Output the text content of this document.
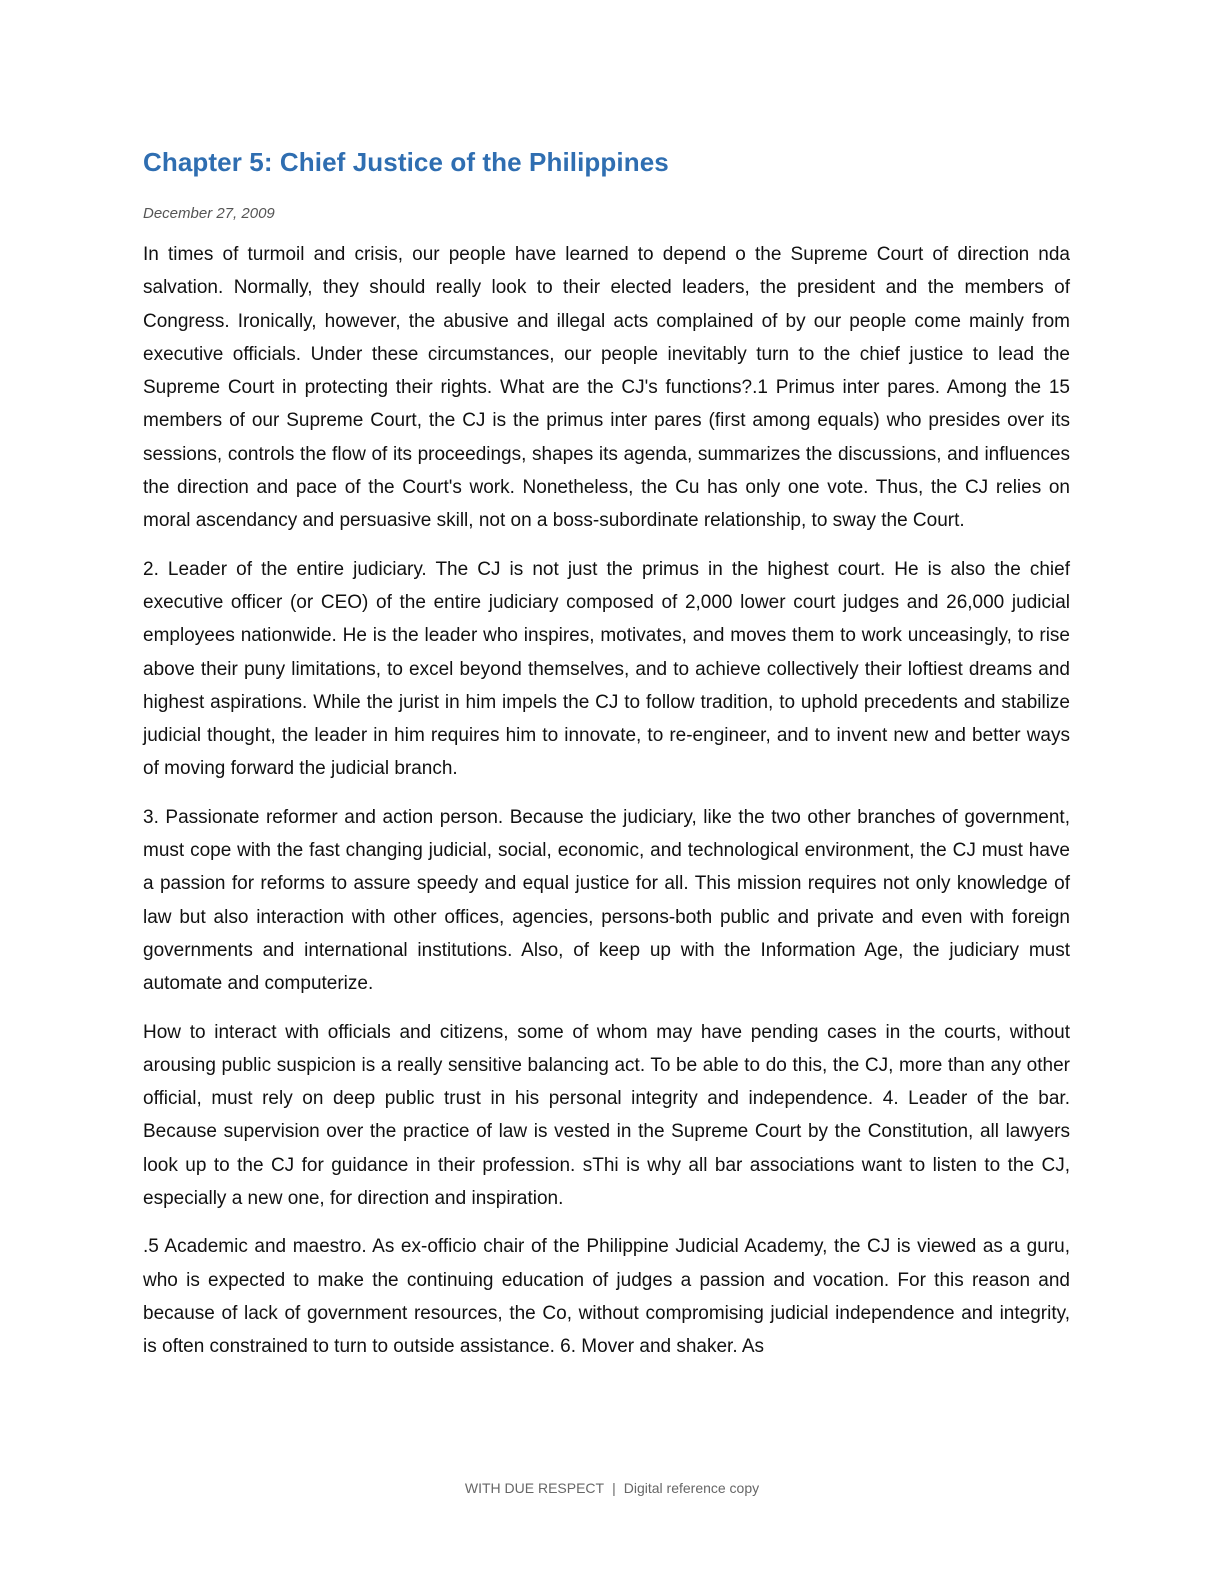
Chapter 5: Chief Justice of the Philippines
December 27, 2009

In times of turmoil and crisis, our people have learned to depend o the Supreme Court of direction nda salvation. Normally, they should really look to their elected leaders, the president and the members of Congress. Ironically, however, the abusive and illegal acts complained of by our people come mainly from executive officials. Under these circumstances, our people inevitably turn to the chief justice to lead the Supreme Court in protecting their rights. What are the CJ's functions?.1 Primus inter pares. Among the 15 members of our Supreme Court, the CJ is the primus inter pares (first among equals) who presides over its sessions, controls the flow of its proceedings, shapes its agenda, summarizes the discussions, and influences the direction and pace of the Court's work. Nonetheless, the Cu has only one vote. Thus, the CJ relies on moral ascendancy and persuasive skill, not on a boss-subordinate relationship, to sway the Court.

2. Leader of the entire judiciary. The CJ is not just the primus in the highest court. He is also the chief executive officer (or CEO) of the entire judiciary composed of 2,000 lower court judges and 26,000 judicial employees nationwide. He is the leader who inspires, motivates, and moves them to work unceasingly, to rise above their puny limitations, to excel beyond themselves, and to achieve collectively their loftiest dreams and highest aspirations. While the jurist in him impels the CJ to follow tradition, to uphold precedents and stabilize judicial thought, the leader in him requires him to innovate, to re-engineer, and to invent new and better ways of moving forward the judicial branch.

3. Passionate reformer and action person. Because the judiciary, like the two other branches of government, must cope with the fast changing judicial, social, economic, and technological environment, the CJ must have a passion for reforms to assure speedy and equal justice for all. This mission requires not only knowledge of law but also interaction with other offices, agencies, persons-both public and private and even with foreign governments and international institutions. Also, of keep up with the Information Age, the judiciary must automate and computerize.

How to interact with officials and citizens, some of whom may have pending cases in the courts, without arousing public suspicion is a really sensitive balancing act. To be able to do this, the CJ, more than any other official, must rely on deep public trust in his personal integrity and independence. 4. Leader of the bar. Because supervision over the practice of law is vested in the Supreme Court by the Constitution, all lawyers look up to the CJ for guidance in their profession. sThi is why all bar associations want to listen to the CJ, especially a new one, for direction and inspiration.

.5 Academic and maestro. As ex-officio chair of the Philippine Judicial Academy, the CJ is viewed as a guru, who is expected to make the continuing education of judges a passion and vocation. For this reason and because of lack of government resources, the Co, without compromising judicial independence and integrity, is often constrained to turn to outside assistance. 6. Mover and shaker. As

WITH DUE RESPECT | Digital reference copy
